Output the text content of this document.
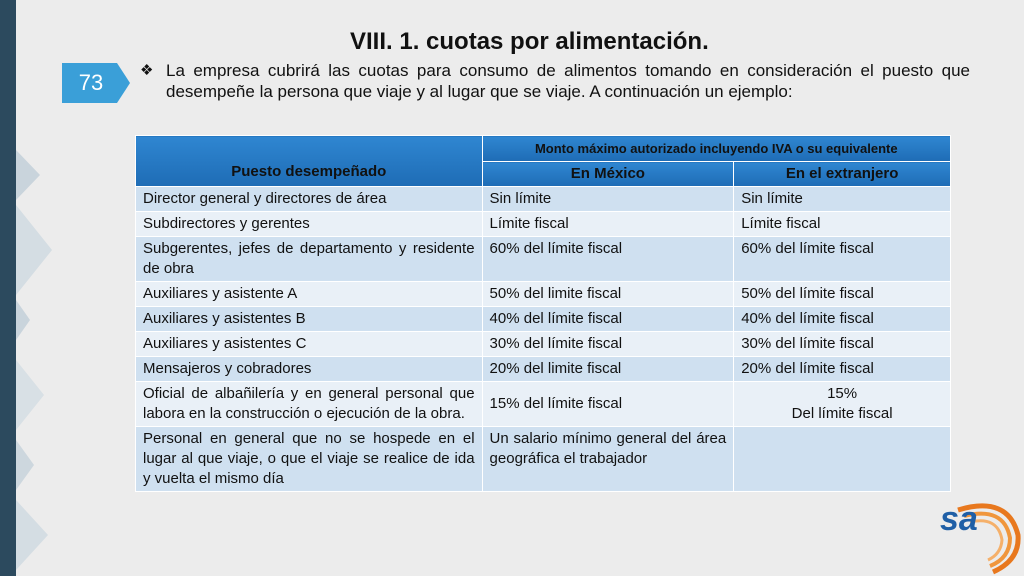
73
VIII. 1. cuotas por alimentación.
❖ La empresa cubrirá las cuotas para consumo de alimentos tomando en consideración el puesto que desempeñe la persona que viaje y al lugar que se viaje. A continuación un ejemplo:
Puesto desempeñado	Monto máximo autorizado incluyendo IVA o su equivalente	
	En México	En el extranjero
Director general y directores de área	Sin límite	Sin límite
Subdirectores y gerentes	Límite fiscal	Límite fiscal
Subgerentes, jefes de departamento y residente de obra	60% del límite fiscal	60% del límite fiscal
Auxiliares y asistente A	50% del limite fiscal	50% del límite fiscal
Auxiliares y asistentes B	40% del límite fiscal	40% del límite fiscal
Auxiliares y asistentes C	30% del límite fiscal	30% del límite fiscal
Mensajeros y cobradores	20% del limite fiscal	20% del límite fiscal
Oficial de albañilería y en general personal que labora en la construcción o ejecución de la obra.	15% del límite fiscal	15%
Del límite fiscal
Personal en general que no se hospede en el lugar al que viaje, o que el viaje se realice de ida y vuelta el mismo día	Un salario mínimo general del área geográfica el trabajador	
sa
